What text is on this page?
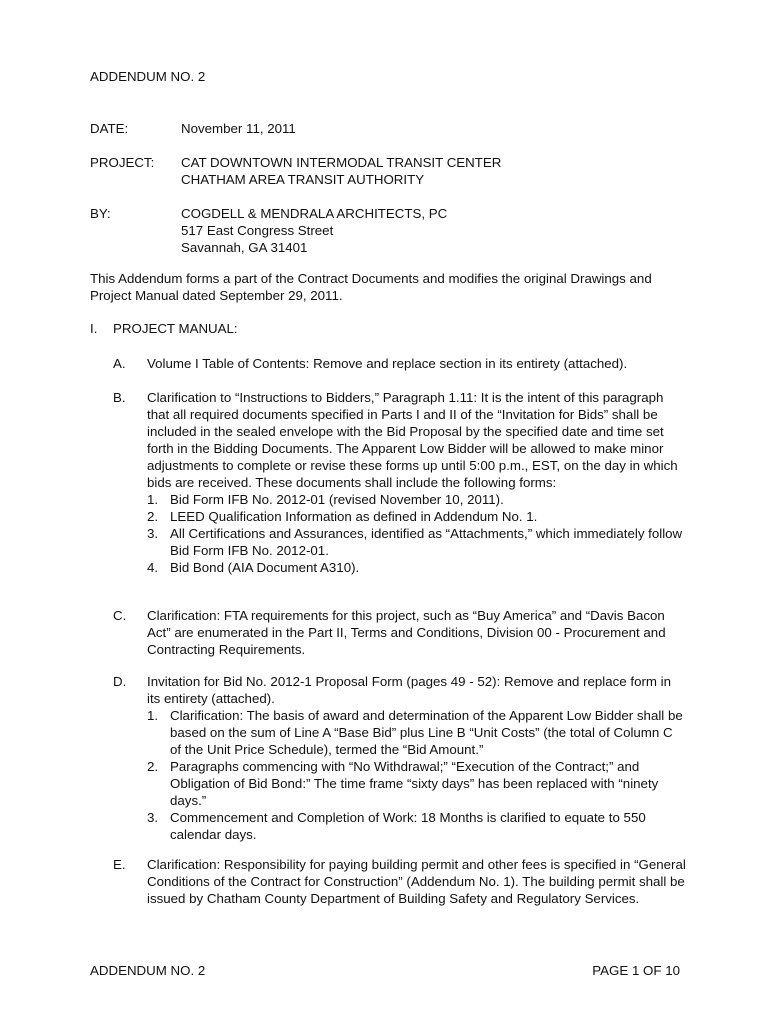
ADDENDUM NO. 2
DATE:	November 11, 2011
PROJECT:	CAT DOWNTOWN INTERMODAL TRANSIT CENTER
CHATHAM AREA TRANSIT AUTHORITY
BY:	COGDELL & MENDRALA ARCHITECTS, PC
517 East Congress Street
Savannah, GA 31401
This Addendum forms a part of the Contract Documents and modifies the original Drawings and Project Manual dated September 29, 2011.
I. PROJECT MANUAL:
A.	Volume I Table of Contents: Remove and replace section in its entirety (attached).
B.	Clarification to “Instructions to Bidders,” Paragraph 1.11: It is the intent of this paragraph that all required documents specified in Parts I and II of the “Invitation for Bids” shall be included in the sealed envelope with the Bid Proposal by the specified date and time set forth in the Bidding Documents. The Apparent Low Bidder will be allowed to make minor adjustments to complete or revise these forms up until 5:00 p.m., EST, on the day in which bids are received. These documents shall include the following forms:
1. Bid Form IFB No. 2012-01 (revised November 10, 2011).
2. LEED Qualification Information as defined in Addendum No. 1.
3. All Certifications and Assurances, identified as “Attachments,” which immediately follow Bid Form IFB No. 2012-01.
4. Bid Bond (AIA Document A310).
C.	Clarification: FTA requirements for this project, such as “Buy America” and “Davis Bacon Act” are enumerated in the Part II, Terms and Conditions, Division 00 - Procurement and Contracting Requirements.
D.	Invitation for Bid No. 2012-1 Proposal Form (pages 49 - 52): Remove and replace form in its entirety (attached).
1. Clarification: The basis of award and determination of the Apparent Low Bidder shall be based on the sum of Line A “Base Bid” plus Line B “Unit Costs” (the total of Column C of the Unit Price Schedule), termed the “Bid Amount.”
2. Paragraphs commencing with “No Withdrawal;” “Execution of the Contract;” and Obligation of Bid Bond:” The time frame “sixty days” has been replaced with “ninety days.”
3. Commencement and Completion of Work: 18 Months is clarified to equate to 550 calendar days.
E.	Clarification: Responsibility for paying building permit and other fees is specified in “General Conditions of the Contract for Construction” (Addendum No. 1). The building permit shall be issued by Chatham County Department of Building Safety and Regulatory Services.
ADDENDUM NO. 2	PAGE 1 OF 10
